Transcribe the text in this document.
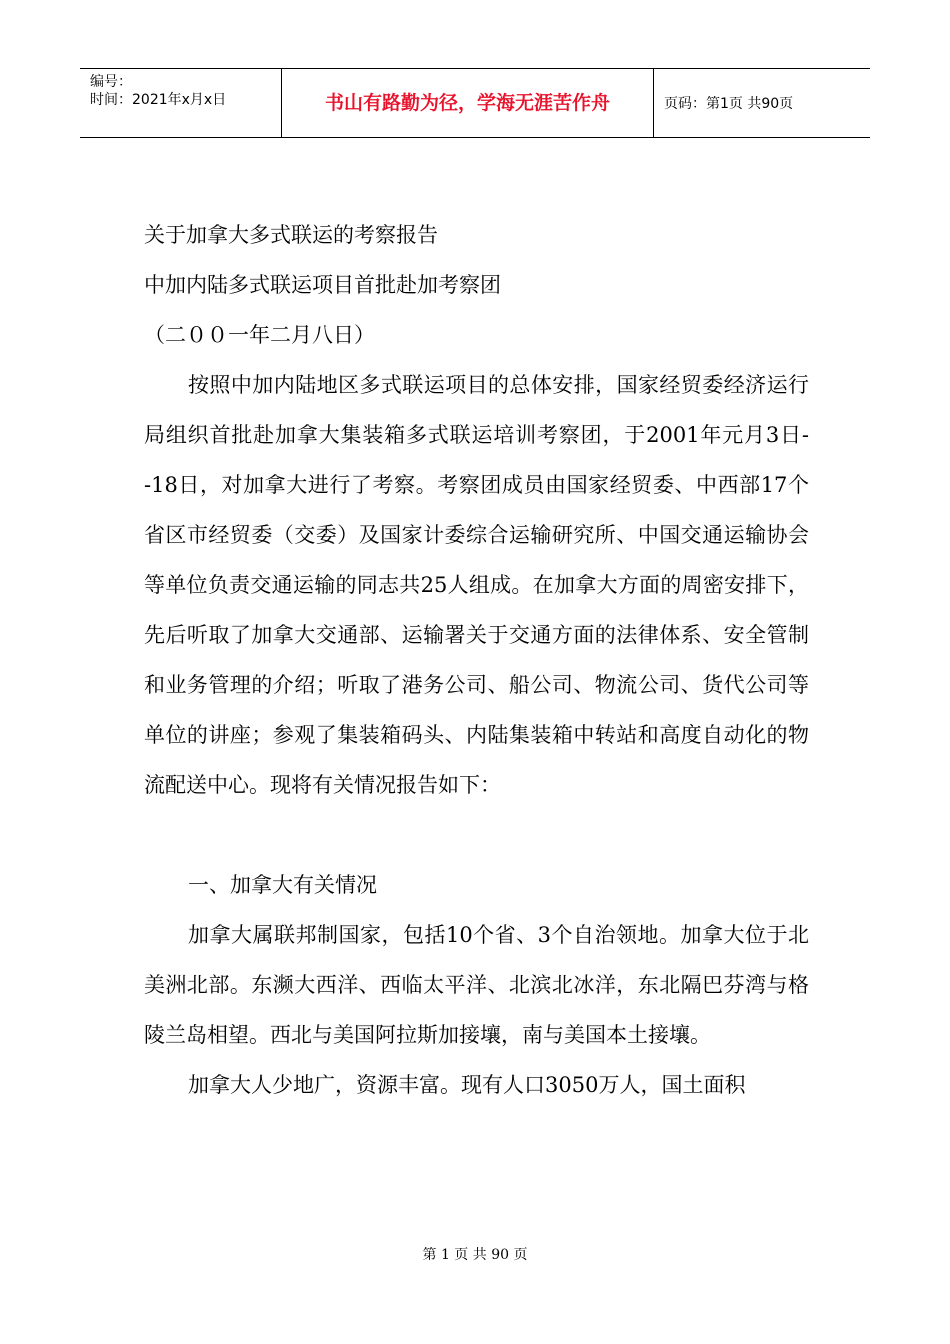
编号：
时间：2021年x月x日	书山有路勤为径，学海无涯苦作舟	页码：第1页 共90页

关于加拿大多式联运的考察报告

中加内陆多式联运项目首批赴加考察团

（二００一年二月八日）

按照中加内陆地区多式联运项目的总体安排，国家经贸委经济运行局组织首批赴加拿大集装箱多式联运培训考察团，于2001年元月3日--18日，对加拿大进行了考察。考察团成员由国家经贸委、中西部17个省区市经贸委（交委）及国家计委综合运输研究所、中国交通运输协会等单位负责交通运输的同志共25人组成。在加拿大方面的周密安排下，先后听取了加拿大交通部、运输署关于交通方面的法律体系、安全管制和业务管理的介绍；听取了港务公司、船公司、物流公司、货代公司等单位的讲座；参观了集装箱码头、内陆集装箱中转站和高度自动化的物流配送中心。现将有关情况报告如下：

一、加拿大有关情况

加拿大属联邦制国家，包括10个省、3个自治领地。加拿大位于北美洲北部。东濒大西洋、西临太平洋、北滨北冰洋，东北隔巴芬湾与格陵兰岛相望。西北与美国阿拉斯加接壤，南与美国本土接壤。

加拿大人少地广，资源丰富。现有人口3050万人，国土面积

第 1 页 共 90 页
